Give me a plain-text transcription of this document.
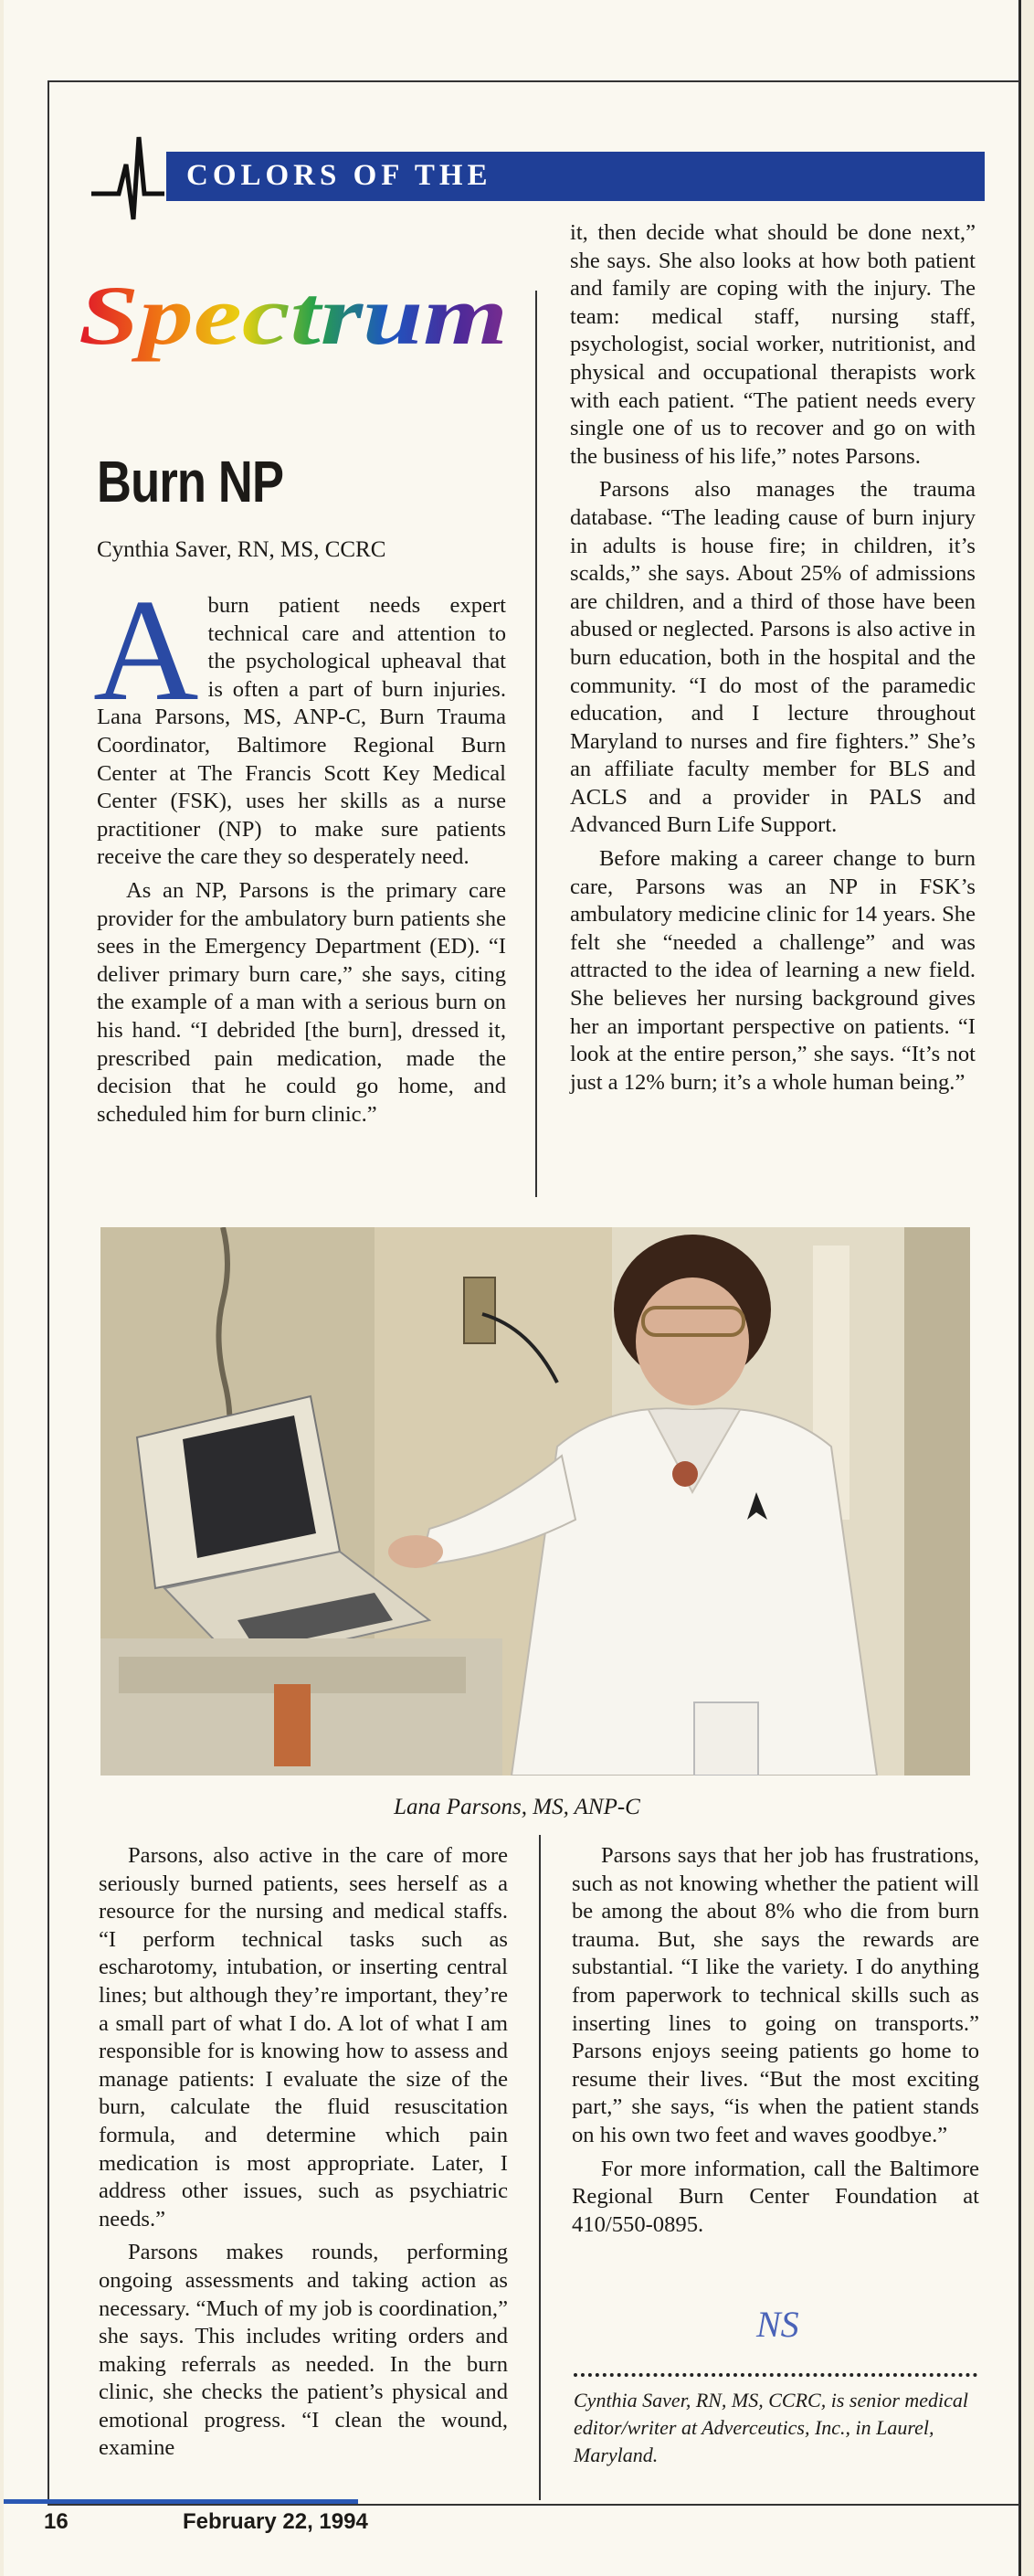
COLORS OF THE
Spectrum
Burn NP
Cynthia Saver, RN, MS, CCRC

Aburn patient needs expert technical care and attention to the psychological upheaval that is often a part of burn injuries. Lana Parsons, MS, ANP-C, Burn Trauma Coordinator, Baltimore Regional Burn Center at The Francis Scott Key Medical Center (FSK), uses her skills as a nurse practitioner (NP) to make sure patients receive the care they so desperately need.

As an NP, Parsons is the primary care provider for the ambulatory burn patients she sees in the Emergency Department (ED). “I deliver primary burn care,” she says, citing the example of a man with a serious burn on his hand. “I debrided [the burn], dressed it, prescribed pain medication, made the decision that he could go home, and scheduled him for burn clinic.”

it, then decide what should be done next,” she says. She also looks at how both patient and family are coping with the injury. The team: medical staff, nursing staff, psychologist, social worker, nutritionist, and physical and occupational therapists work with each patient. “The patient needs every single one of us to recover and go on with the business of his life,” notes Parsons.

Parsons also manages the trauma database. “The leading cause of burn injury in adults is house fire; in children, it’s scalds,” she says. About 25% of admissions are children, and a third of those have been abused or neglected. Parsons is also active in burn education, both in the hospital and the community. “I do most of the paramedic education, and I lecture throughout Maryland to nurses and fire fighters.” She’s an affiliate faculty member for BLS and ACLS and a provider in PALS and Advanced Burn Life Support.

Before making a career change to burn care, Parsons was an NP in FSK’s ambulatory medicine clinic for 14 years. She felt she “needed a challenge” and was attracted to the idea of learning a new field. She believes her nursing background gives her an important perspective on patients. “I look at the entire person,” she says. “It’s not just a 12% burn; it’s a whole human being.”

Lana Parsons, MS, ANP-C

Parsons, also active in the care of more seriously burned patients, sees herself as a resource for the nursing and medical staffs. “I perform technical tasks such as escharotomy, intubation, or inserting central lines; but although they’re important, they’re a small part of what I do. A lot of what I am responsible for is knowing how to assess and manage patients: I evaluate the size of the burn, calculate the fluid resuscitation formula, and determine which pain medication is most appropriate. Later, I address other issues, such as psychiatric needs.”

Parsons makes rounds, performing ongoing assessments and taking action as necessary. “Much of my job is coordination,” she says. This includes writing orders and making referrals as needed. In the burn clinic, she checks the patient’s physical and emotional progress. “I clean the wound, examine

Parsons says that her job has frustrations, such as not knowing whether the patient will be among the about 8% who die from burn trauma. But, she says the rewards are substantial. “I like the variety. I do anything from paperwork to technical skills such as inserting lines to going on transports.” Parsons enjoys seeing patients go home to resume their lives. “But the most exciting part,” she says, “is when the patient stands on his own two feet and waves goodbye.”

For more information, call the Baltimore Regional Burn Center Foundation at 410/550-0895.

NS
Cynthia Saver, RN, MS, CCRC, is senior medical editor/writer at Adverceutics, Inc., in Laurel, Maryland.
16	February 22, 1994
